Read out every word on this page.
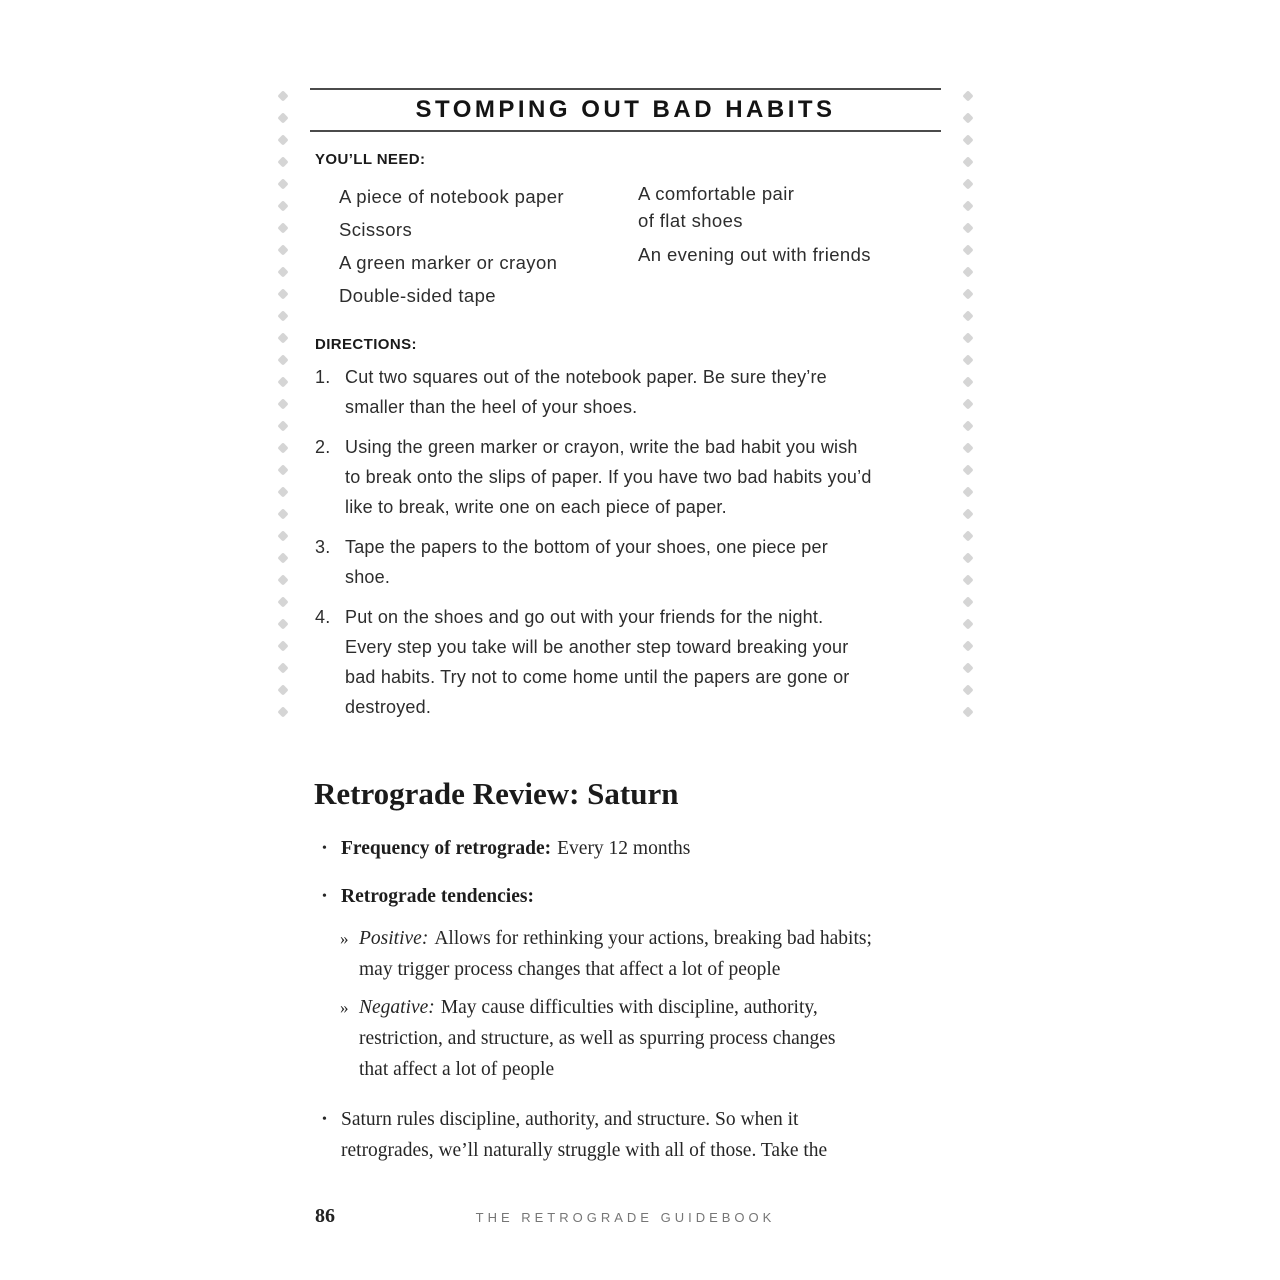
STOMPING OUT BAD HABITS
YOU’LL NEED:
A piece of notebook paper
Scissors
A green marker or crayon
Double-sided tape
A comfortable pair
of flat shoes
An evening out with friends
DIRECTIONS:
1. Cut two squares out of the notebook paper. Be sure they’re
smaller than the heel of your shoes.
2. Using the green marker or crayon, write the bad habit you wish
to break onto the slips of paper. If you have two bad habits you’d
like to break, write one on each piece of paper.
3. Tape the papers to the bottom of your shoes, one piece per
shoe.
4. Put on the shoes and go out with your friends for the night.
Every step you take will be another step toward breaking your
bad habits. Try not to come home until the papers are gone or
destroyed.
Retrograde Review: Saturn
• Frequency of retrograde: Every 12 months
• Retrograde tendencies:
» Positive: Allows for rethinking your actions, breaking bad habits;
may trigger process changes that affect a lot of people
» Negative: May cause difficulties with discipline, authority,
restriction, and structure, as well as spurring process changes
that affect a lot of people
• Saturn rules discipline, authority, and structure. So when it
retrogrades, we’ll naturally struggle with all of those. Take the
86	THE RETROGRADE GUIDEBOOK
